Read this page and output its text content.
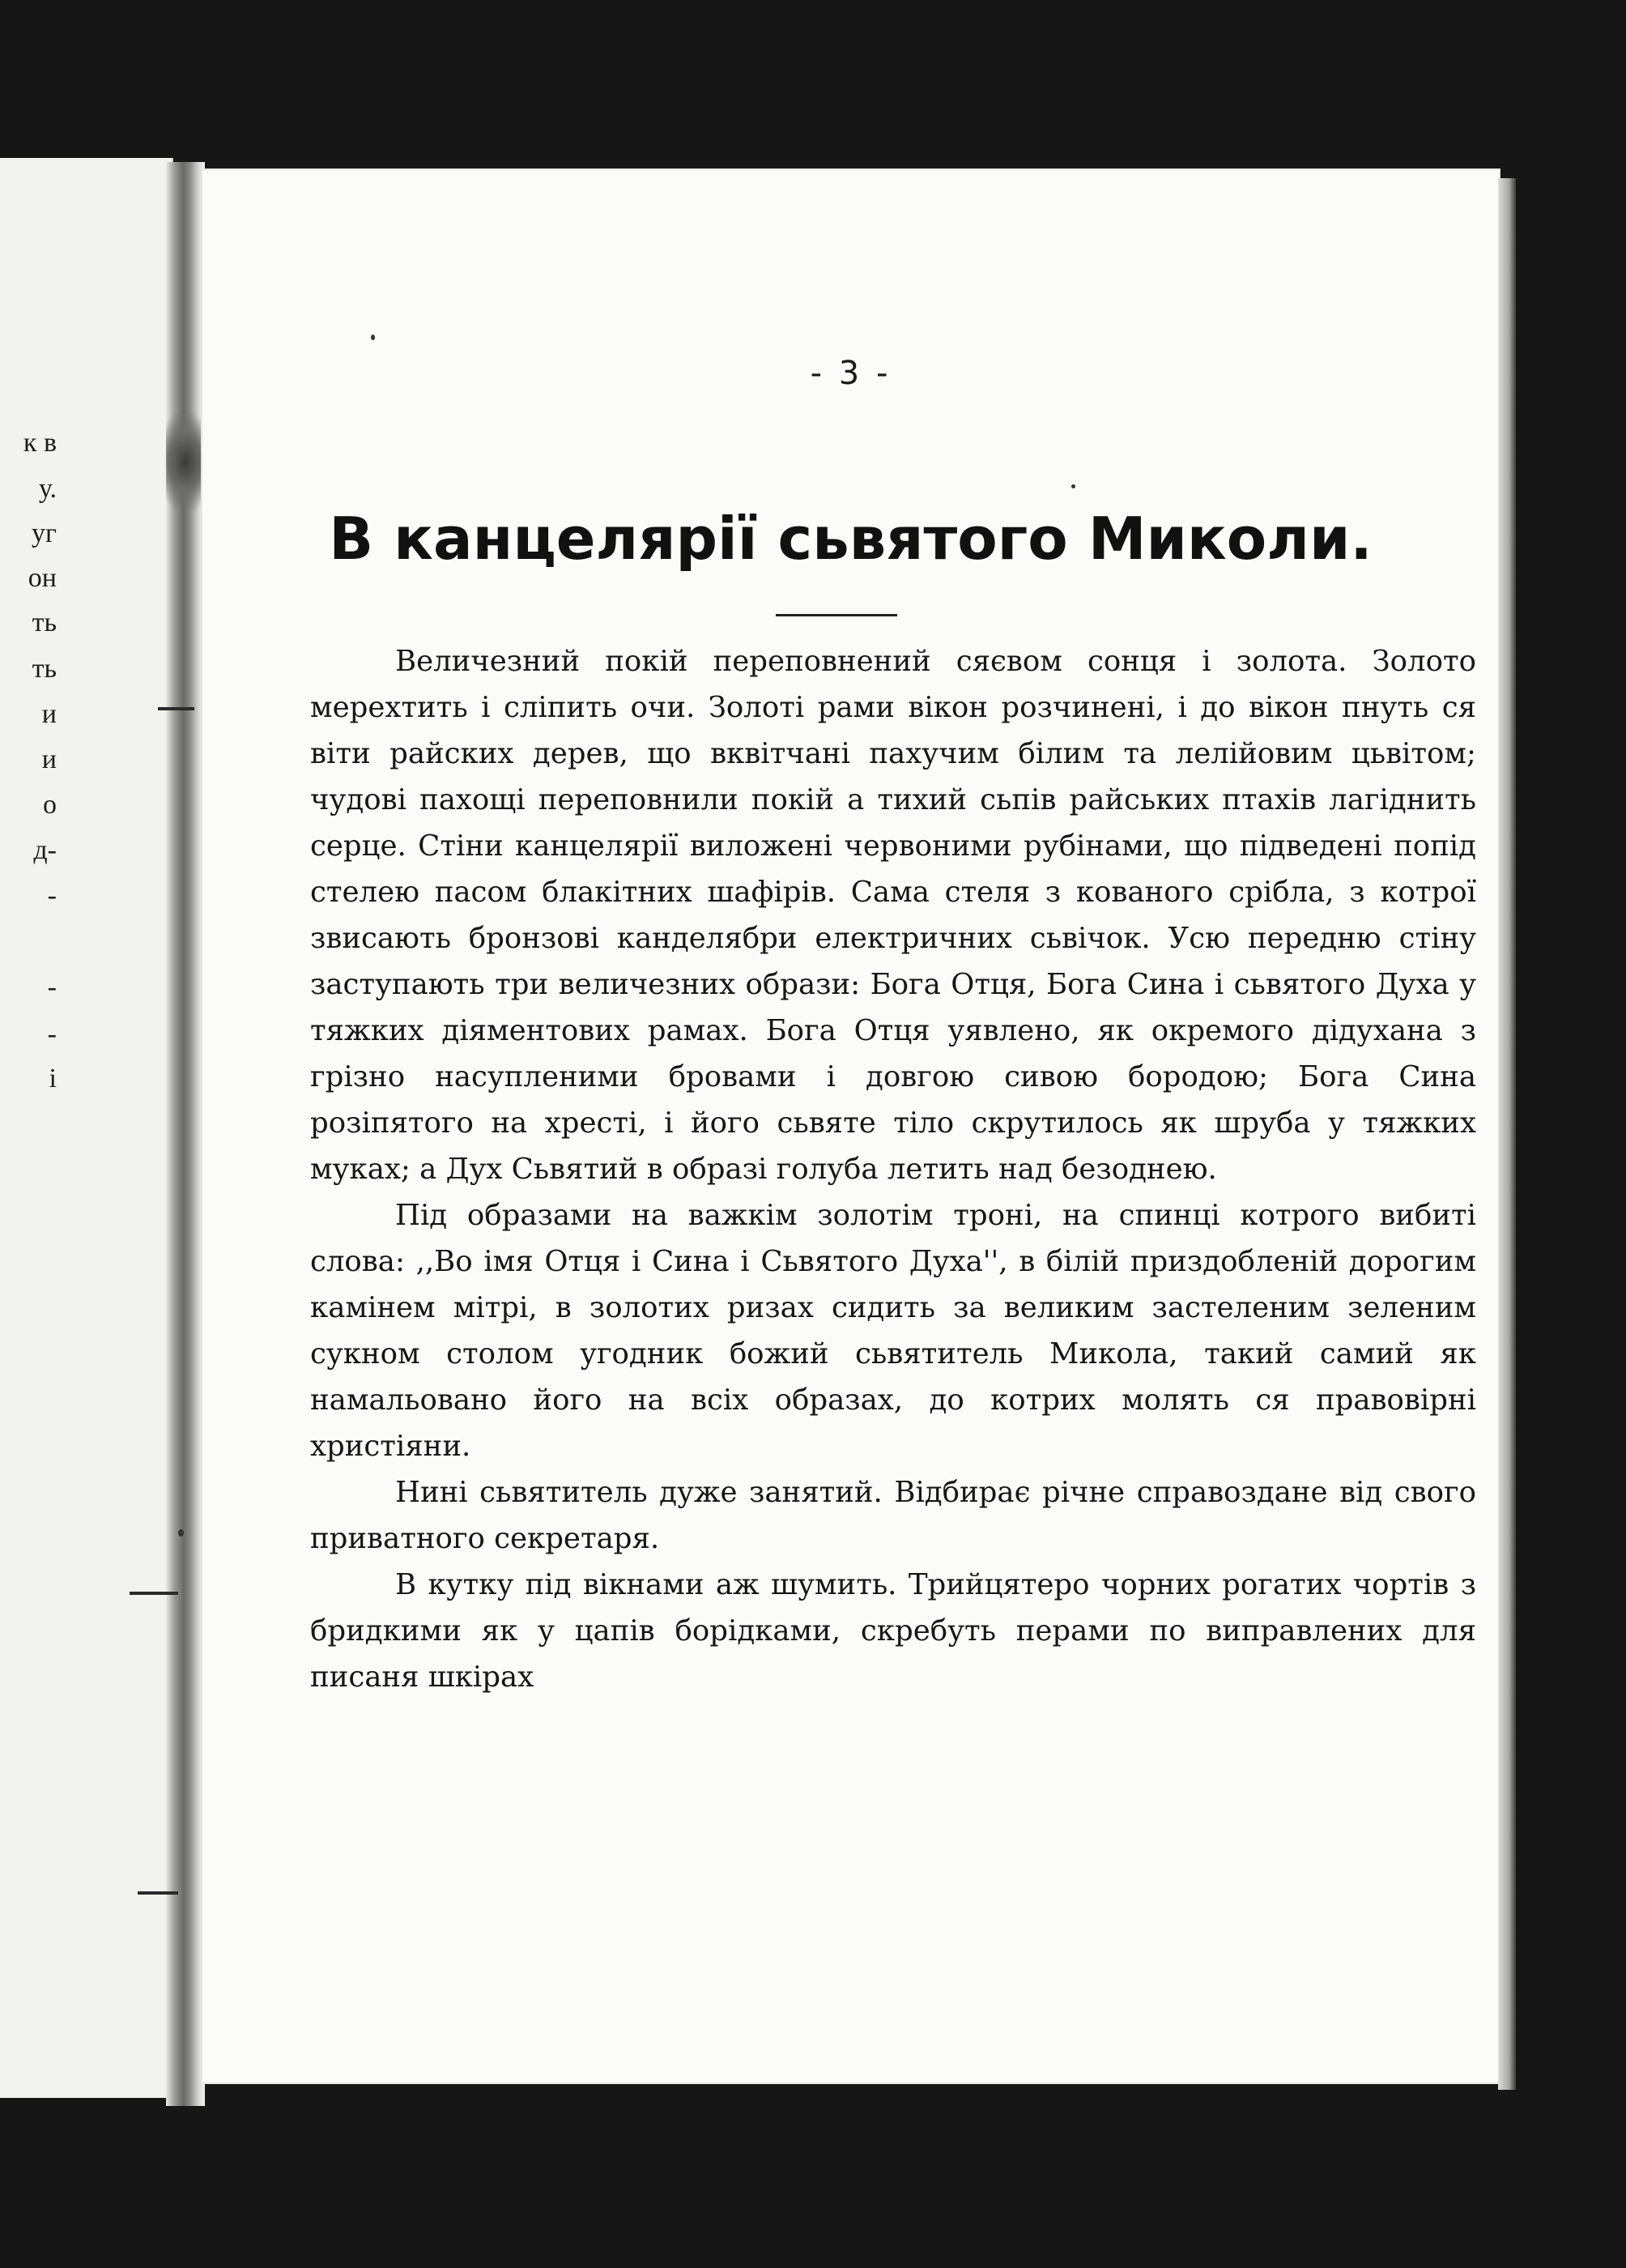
к в
у.
уг
он
ть
ть
и
и
о
д-
-
-
-
і
- 3 -
В канцелярії сьвятого Миколи.

Величезний покій переповнений сяєвом сонця і золота. Золото мерехтить і сліпить очи. Золоті рами вікон розчинені, і до вікон пнуть ся віти райских дерев, що вквітчані пахучим білим та лелійовим цьвітом; чудові пахощі переповнили покій а тихий сьпів райських птахів лагіднить серце. Стіни канцелярії виложені червоними рубінами, що підведені попід стелею пасом блакітних шафірів. Сама стеля з кованого срібла, з котрої звисають бронзові канделябри електричних сьвічок. Усю передню стіну заступають три величезних образи: Бога Отця, Бога Сина і сьвятого Духа у тяжких діяментових рамах. Бога Отця уявлено, як окремого дідухана з грізно насупленими бровами і довгою сивою бородою; Бога Сина розіпятого на хресті, і його сьвяте тіло скрутилось як шруба у тяжких муках; а Дух Сьвятий в образі голуба летить над безоднею.

Під образами на важкім золотім троні, на спинці котрого вибиті слова: ,,Во імя Отця і Сина і Сьвятого Духа'', в білій приздобленій дорогим камінем мітрі, в золотих ризах сидить за великим застеленим зеленим сукном столом угодник божий сьвятитель Микола, такий самий як намальовано його на всіх образах, до котрих молять ся правовірні христіяни.

Нині сьвятитель дуже занятий. Відбирає річне справоздане від свого приватного секретаря.

В кутку під вікнами аж шумить. Трийцятеро чорних рогатих чортів з бридкими як у цапів борідками, скребуть перами по виправлених для писаня шкірах
